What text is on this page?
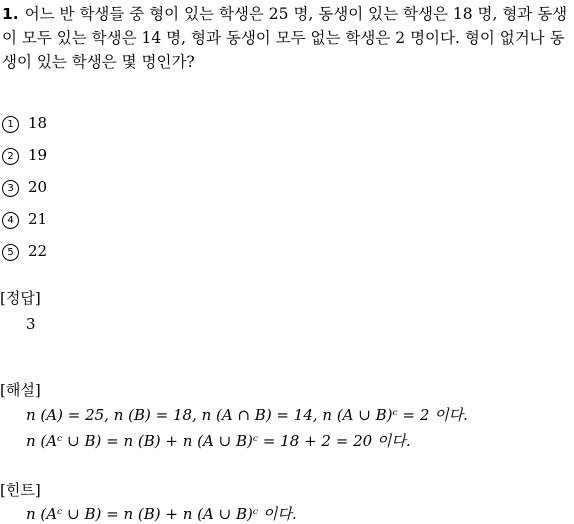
1. 어느 반 학생들 중 형이 있는 학생은 25 명, 동생이 있는 학생은 18 명, 형과 동생이 모두 있는 학생은 14 명, 형과 동생이 모두 없는 학생은 2 명이다. 형이 없거나 동생이 있는 학생은 몇 명인가?
1 18
2 19
3 20
4 21
5 22
[정답]
3
[해설]
n (A) = 25, n (B) = 18, n (A ∩ B) = 14, n (A ∪ B)ᶜ = 2 이다.
n (Aᶜ ∪ B) = n (B) + n (A ∪ B)ᶜ = 18 + 2 = 20 이다.
[힌트]
n (Aᶜ ∪ B) = n (B) + n (A ∪ B)ᶜ 이다.
